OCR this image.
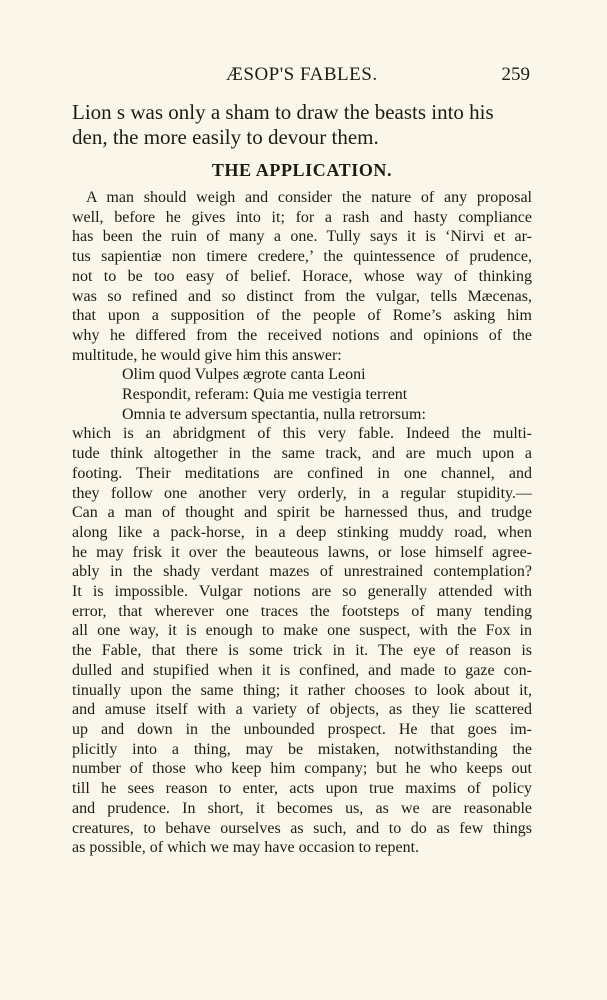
ÆSOP'S FABLES.	259

Lion s was only a sham to draw the beasts into his
den, the more easily to devour them.

THE APPLICATION.
A man should weigh and consider the nature of any proposal
well, before he gives into it; for a rash and hasty compliance
has been the ruin of many a one. Tully says it is ‘Nirvi et ar-
tus sapientiæ non timere credere,’ the quintessence of prudence,
not to be too easy of belief. Horace, whose way of thinking
was so refined and so distinct from the vulgar, tells Mæcenas,
that upon a supposition of the people of Rome’s asking him
why he differed from the received notions and opinions of the
multitude, he would give him this answer:
Olim quod Vulpes ægrote canta Leoni
Respondit, referam: Quia me vestigia terrent
Omnia te adversum spectantia, nulla retrorsum:
which is an abridgment of this very fable. Indeed the multi-
tude think altogether in the same track, and are much upon a
footing. Their meditations are confined in one channel, and
they follow one another very orderly, in a regular stupidity.—
Can a man of thought and spirit be harnessed thus, and trudge
along like a pack-horse, in a deep stinking muddy road, when
he may frisk it over the beauteous lawns, or lose himself agree-
ably in the shady verdant mazes of unrestrained contemplation?
It is impossible. Vulgar notions are so generally attended with
error, that wherever one traces the footsteps of many tending
all one way, it is enough to make one suspect, with the Fox in
the Fable, that there is some trick in it. The eye of reason is
dulled and stupified when it is confined, and made to gaze con-
tinually upon the same thing; it rather chooses to look about it,
and amuse itself with a variety of objects, as they lie scattered
up and down in the unbounded prospect. He that goes im-
plicitly into a thing, may be mistaken, notwithstanding the
number of those who keep him company; but he who keeps out
till he sees reason to enter, acts upon true maxims of policy
and prudence. In short, it becomes us, as we are reasonable
creatures, to behave ourselves as such, and to do as few things
as possible, of which we may have occasion to repent.
